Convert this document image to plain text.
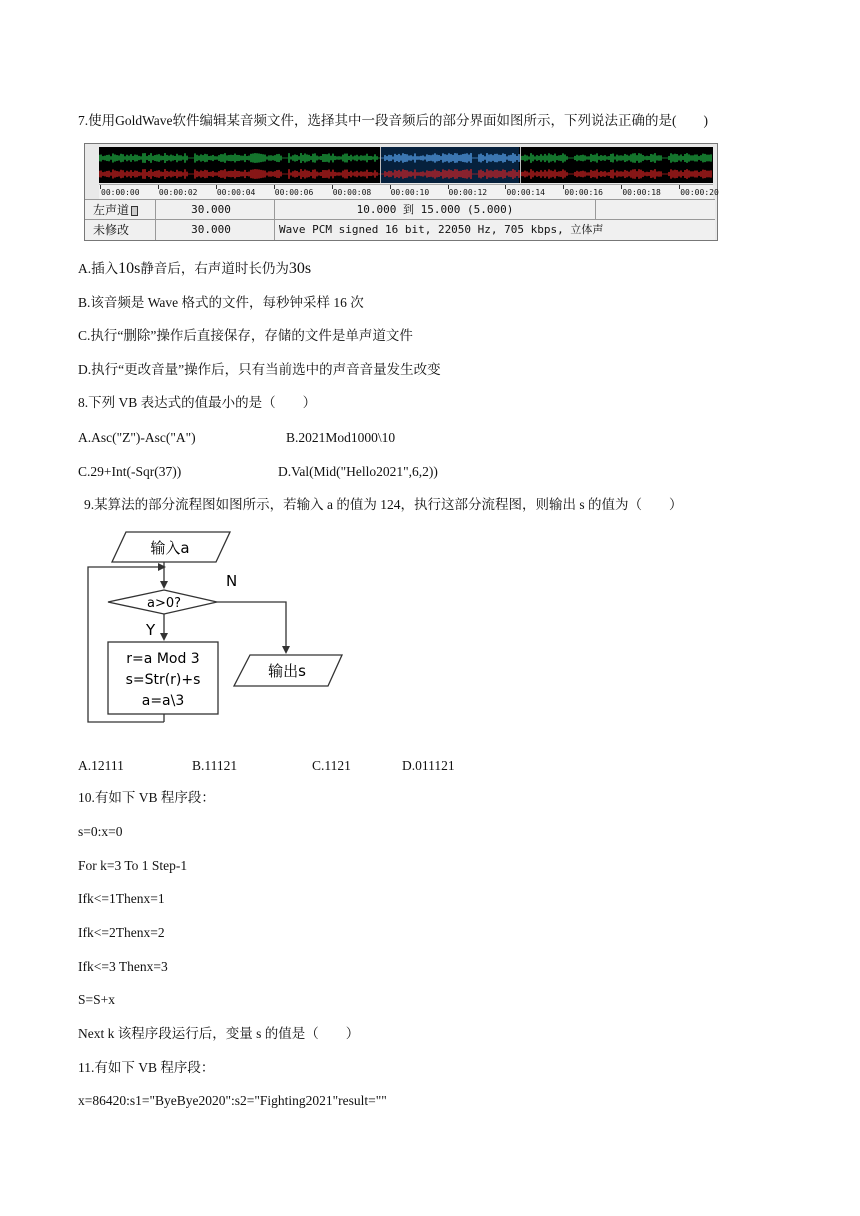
7.使用GoldWave软件编辑某音频文件，选择其中一段音频后的部分界面如图所示，下列说法正确的是(　　)
00:00:00 00:00:02 00:00:04 00:00:06 00:00:08 00:00:10 00:00:12 00:00:14 00:00:16 00:00:18 00:00:20
左声道	30.000	10.000 到 15.000 (5.000)
未修改	30.000	Wave PCM signed 16 bit, 22050 Hz, 705 kbps, 立体声
A.插入10s静音后，右声道时长仍为30s
B.该音频是 Wave 格式的文件，每秒钟采样 16 次
C.执行“删除”操作后直接保存，存储的文件是单声道文件
D.执行“更改音量”操作后，只有当前选中的声音音量发生改变
8.下列 VB 表达式的值最小的是（　　）
A.Asc("Z")-Asc("A")	B.2021Mod1000\10
C.29+Int(-Sqr(37))	D.Val(Mid("Hello2021",6,2))
9.某算法的部分流程图如图所示，若输入 a 的值为 124，执行这部分流程图，则输出 s 的值为（　　）
输入a
a>0?
N
Y
r=a Mod 3
s=Str(r)+s
a=a\3
输出s
A.12111	B.11121	C.1121	D.011121
10.有如下 VB 程序段：
s=0:x=0
For k=3 To 1 Step-1
Ifk<=1Thenx=1
Ifk<=2Thenx=2
Ifk<=3 Thenx=3
S=S+x
Next k 该程序段运行后，变量 s 的值是（　　）
11.有如下 VB 程序段：
x=86420:s1="ByeBye2020":s2="Fighting2021"result=""
